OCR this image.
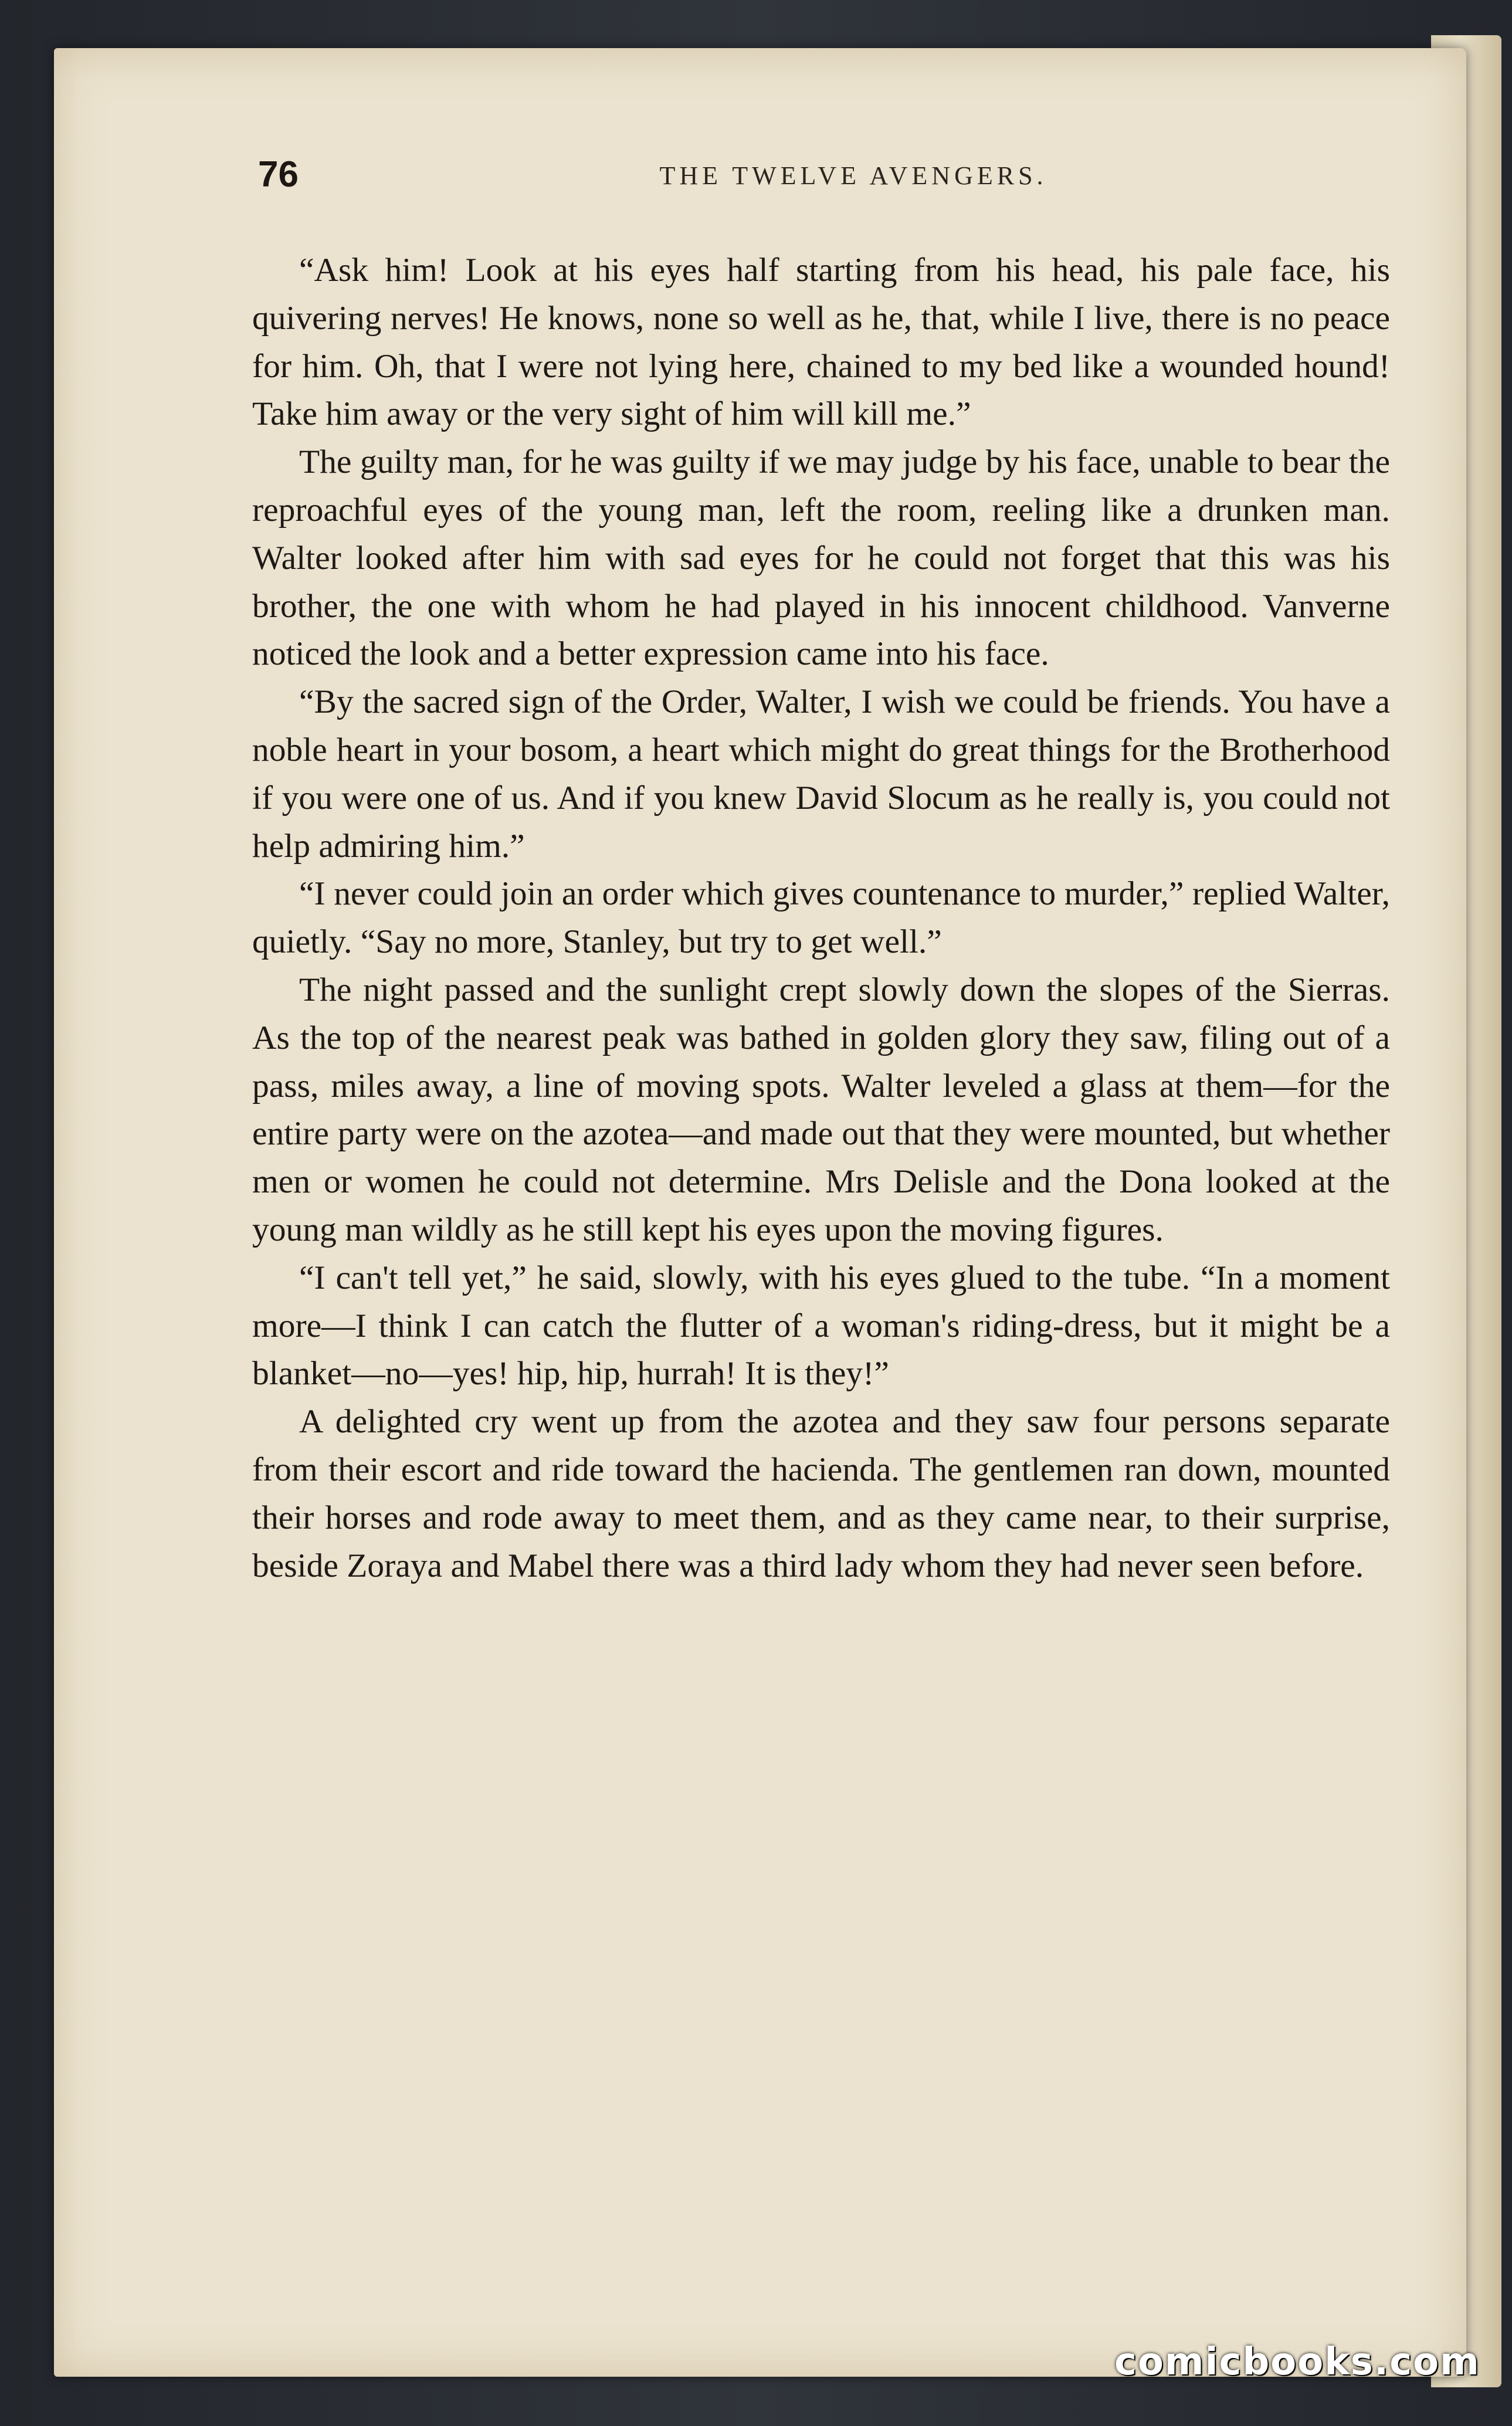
76	THE TWELVE AVENGERS.

“Ask him! Look at his eyes half starting from his head, his pale face, his quivering nerves! He knows, none so well as he, that, while I live, there is no peace for him. Oh, that I were not lying here, chained to my bed like a wounded hound! Take him away or the very sight of him will kill me.”

The guilty man, for he was guilty if we may judge by his face, unable to bear the reproachful eyes of the young man, left the room, reeling like a drunken man. Walter looked after him with sad eyes for he could not forget that this was his brother, the one with whom he had played in his innocent childhood. Vanverne noticed the look and a better expression came into his face.

“By the sacred sign of the Order, Walter, I wish we could be friends. You have a noble heart in your bosom, a heart which might do great things for the Brotherhood if you were one of us. And if you knew David Slocum as he really is, you could not help admiring him.”

“I never could join an order which gives countenance to murder,” replied Walter, quietly. “Say no more, Stanley, but try to get well.”

The night passed and the sunlight crept slowly down the slopes of the Sierras. As the top of the nearest peak was bathed in golden glory they saw, filing out of a pass, miles away, a line of moving spots. Walter leveled a glass at them—for the entire party were on the azotea—and made out that they were mounted, but whether men or women he could not determine. Mrs Delisle and the Dona looked at the young man wildly as he still kept his eyes upon the moving figures.

“I can't tell yet,” he said, slowly, with his eyes glued to the tube. “In a moment more—I think I can catch the flutter of a woman's riding-dress, but it might be a blanket—no—yes! hip, hip, hurrah! It is they!”

A delighted cry went up from the azotea and they saw four persons separate from their escort and ride toward the hacienda. The gentlemen ran down, mounted their horses and rode away to meet them, and as they came near, to their surprise, beside Zoraya and Mabel there was a third lady whom they had never seen before.

comicbooks.com
